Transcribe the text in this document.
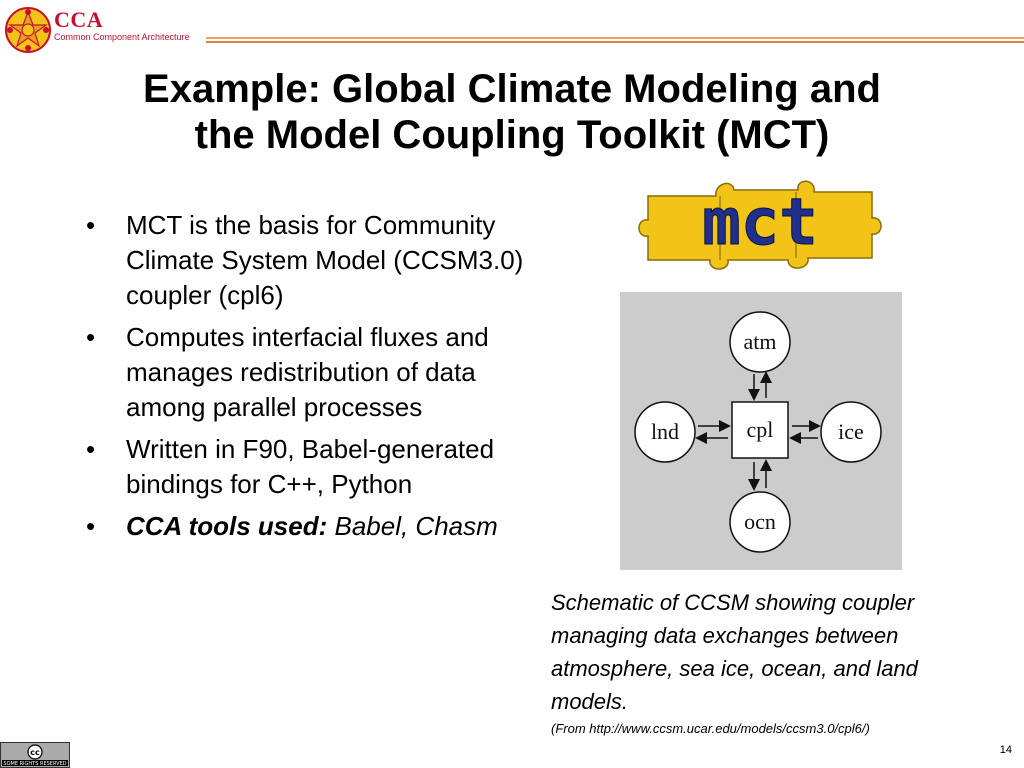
CCA
Common Component Architecture
Example: Global Climate Modeling and
the Model Coupling Toolkit (MCT)
• MCT is the basis for Community Climate System Model (CCSM3.0) coupler (cpl6)
• Computes interfacial fluxes and manages redistribution of data among parallel processes
• Written in F90, Babel-generated bindings for C++, Python
• CCA tools used: Babel, Chasm
mct
cpl
atm
lnd	ice
ocn
Schematic of CCSM showing coupler managing data exchanges between atmosphere, sea ice, ocean, and land models.
(From http://www.ccsm.ucar.edu/models/ccsm3.0/cpl6/)
cc
SOME RIGHTS RESERVED
14
